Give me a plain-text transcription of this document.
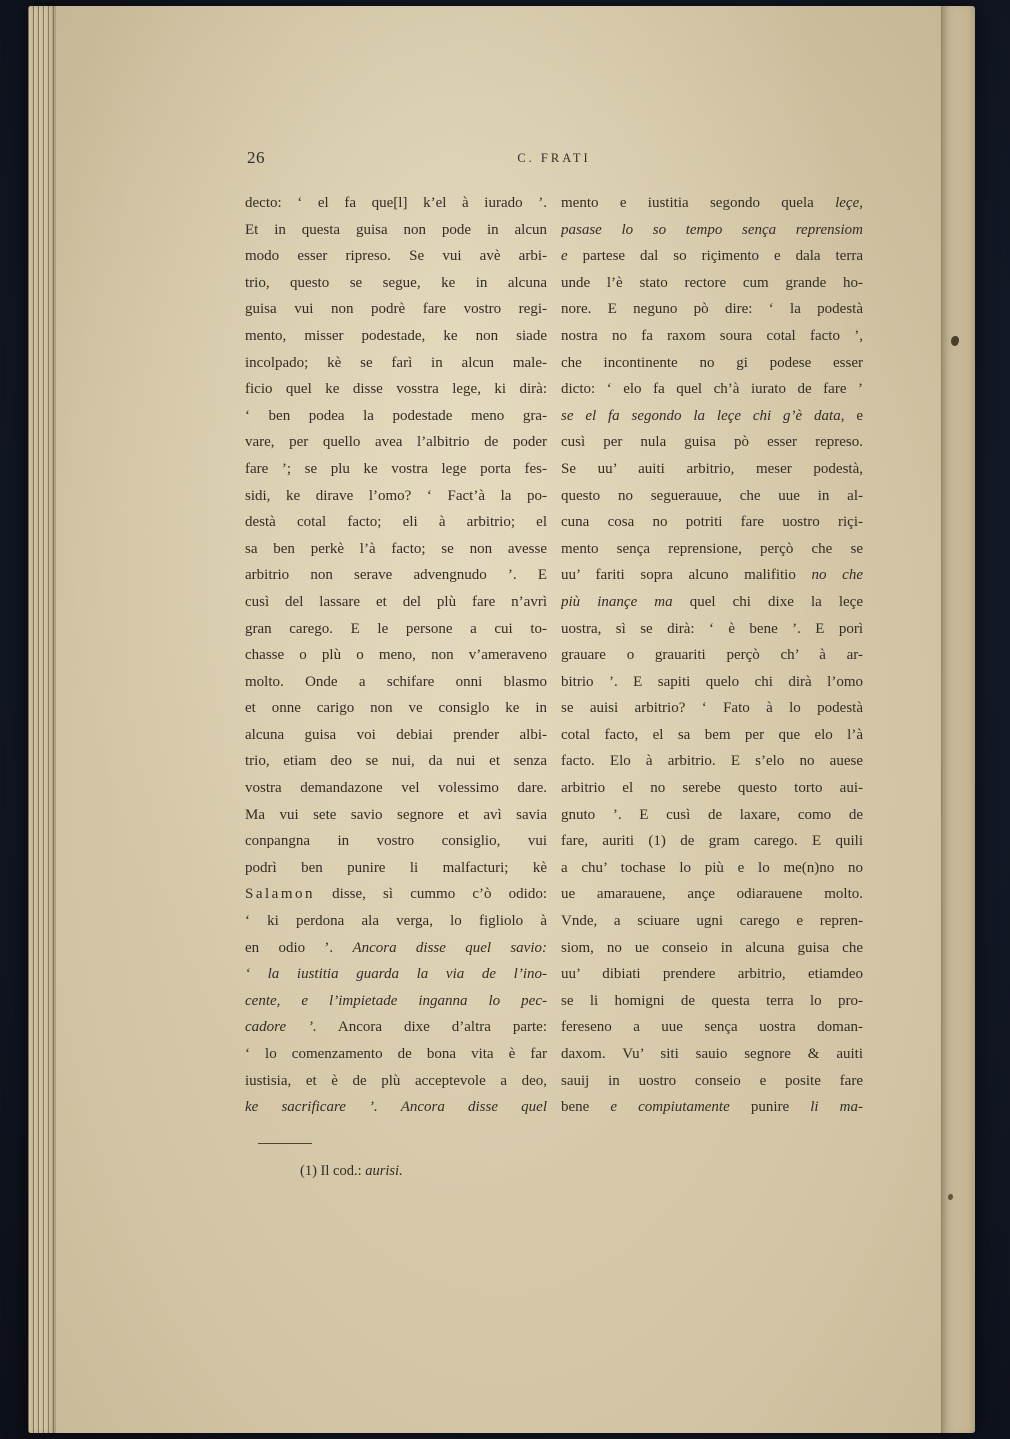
26	C. FRATI
decto: ‘ el fa que[l] k’el à iurado ’.
Et in questa guisa non pode in alcun
modo esser ripreso. Se vui avè arbi-
trio, questo se segue, ke in alcuna
guisa vui non podrè fare vostro regi-
mento, misser podestade, ke non siade
incolpado; kè se farì in alcun male-
ficio quel ke disse vosstra lege, ki dirà:
‘ ben podea la podestade meno gra-
vare, per quello avea l’albitrio de poder
fare ’; se plu ke vostra lege porta fes-
sidi, ke dirave l’omo? ‘ Fact’à la po-
destà cotal facto; eli à arbitrio; el
sa ben perkè l’à facto; se non avesse
arbitrio non serave advengnudo ’. E
cusì del lassare et del plù fare n’avrì
gran carego. E le persone a cui to-
chasse o plù o meno, non v’ameraveno
molto. Onde a schifare onni blasmo
et onne carigo non ve consiglo ke in
alcuna guisa voi debiai prender albi-
trio, etiam deo se nui, da nui et senza
vostra demandazone vel volessimo dare.
Ma vui sete savio segnore et avì savia
conpangna in vostro consiglio, vui
podrì ben punire li malfacturi; kè
Salamon disse, sì cummo c’ò odido:
‘ ki perdona ala verga, lo figliolo à
en odio ’. Ancora disse quel savio:
‘ la iustitia guarda la via de l’ino-
cente, e l’impietade inganna lo pec-
cadore ’. Ancora dixe d’altra parte:
‘ lo comenzamento de bona vita è far
iustisia, et è de plù acceptevole a deo,
ke sacrificare ’. Ancora disse quel
mento e iustitia segondo quela leçe,
pasase lo so tempo sença reprensiom
e partese dal so riçimento e dala terra
unde l’è stato rectore cum grande ho-
nore. E neguno pò dire: ‘ la podestà
nostra no fa raxom soura cotal facto ’,
che incontinente no gi podese esser
dicto: ‘ elo fa quel ch’à iurato de fare ’
se el fa segondo la leçe chi g’è data, e
cusì per nula guisa pò esser represo.
Se uu’ auiti arbitrio, meser podestà,
questo no seguerauue, che uue in al-
cuna cosa no potriti fare uostro riçi-
mento sença reprensione, perçò che se
uu’ fariti sopra alcuno malifitio no che
più inançe ma quel chi dixe la leçe
uostra, sì se dirà: ‘ è bene ’. E porì
grauare o grauariti perçò ch’ à ar-
bitrio ’. E sapiti quelo chi dirà l’omo
se auisi arbitrio? ‘ Fato à lo podestà
cotal facto, el sa bem per que elo l’à
facto. Elo à arbitrio. E s’elo no auese
arbitrio el no serebe questo torto aui-
gnuto ’. E cusì de laxare, como de
fare, auriti (1) de gram carego. E quili
a chu’ tochase lo più e lo me(n)no no
ue amarauene, ançe odiarauene molto.
Vnde, a sciuare ugni carego e repren-
siom, no ue conseio in alcuna guisa che
uu’ dibiati prendere arbitrio, etiamdeo
se li homigni de questa terra lo pro-
fereseno a uue sença uostra doman-
daxom. Vu’ siti sauio segnore & auiti
sauij in uostro conseio e posite fare
bene e compiutamente punire li ma-
(1) Il cod.: aurisi.
